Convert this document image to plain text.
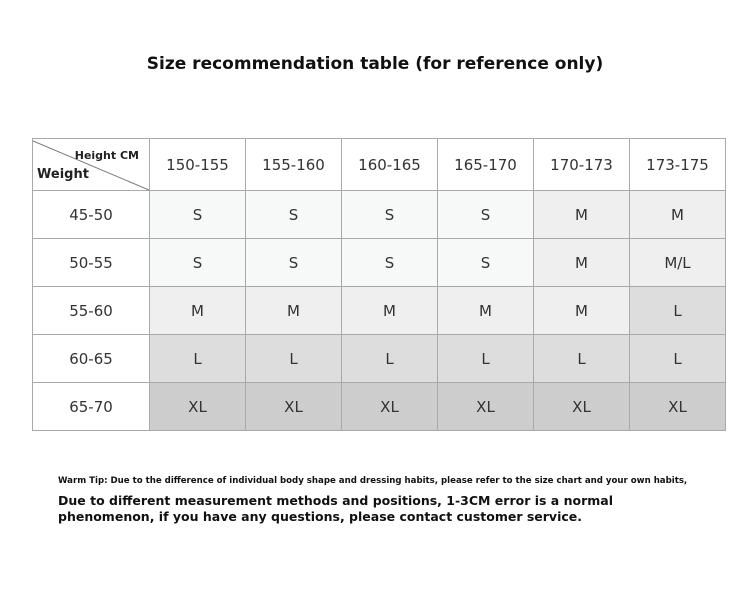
Size recommendation table (for reference only)
Height CM
Weight	150-155	155-160	160-165	165-170	170-173	173-175
45-50	S	S	S	S	M	M
50-55	S	S	S	S	M	M/L
55-60	M	M	M	M	M	L
60-65	L	L	L	L	L	L
65-70	XL	XL	XL	XL	XL	XL
Warm Tip: Due to the difference of individual body shape and dressing habits, please refer to the size chart and your own habits,
Due to different measurement methods and positions, 1-3CM error is a normal phenomenon, if you have any questions, please contact customer service.
